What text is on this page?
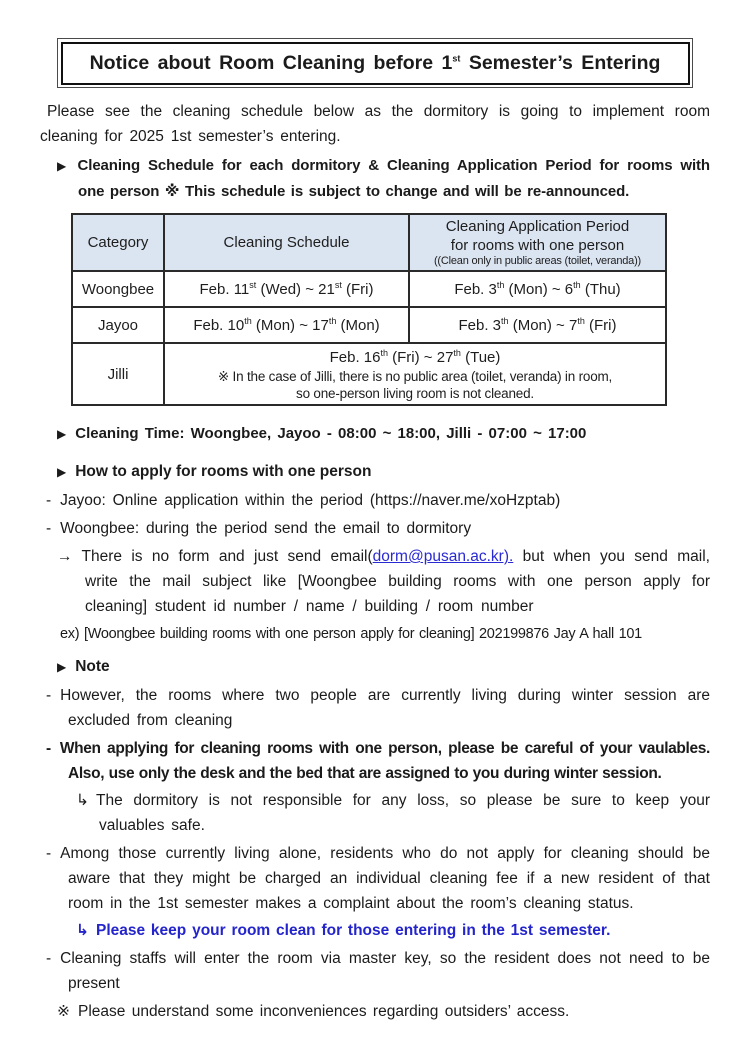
Notice about Room Cleaning before 1st Semester’s Entering
Please see the cleaning schedule below as the dormitory is going to implement room cleaning for 2025 1st semester’s entering.
▶ Cleaning Schedule for each dormitory & Cleaning Application Period for rooms with one person ※ This schedule is subject to change and will be re-announced.
Category	Cleaning Schedule	Cleaning Application Period
for rooms with one person
((Clean only in public areas (toilet, veranda))

Woongbee	Feb. 11st (Wed) ~ 21st (Fri)	Feb. 3th (Mon) ~ 6th (Thu)
Jayoo	Feb. 10th (Mon) ~ 17th (Mon)	Feb. 3th (Mon) ~ 7th (Fri)
Jilli	Feb. 16th (Fri) ~ 27th (Tue)
※ In the case of Jilli, there is no public area (toilet, veranda) in room,
so one-person living room is not cleaned.	
▶ Cleaning Time: Woongbee, Jayoo - 08:00 ~ 18:00, Jilli - 07:00 ~ 17:00
▶ How to apply for rooms with one person
- Jayoo: Online application within the period (https://naver.me/xoHzptab)
- Woongbee: during the period send the email to dormitory
→ There is no form and just send email(dorm@pusan.ac.kr). but when you send mail, write the mail subject like [Woongbee building rooms with one person apply for cleaning] student id number / name / building / room number
ex) [Woongbee building rooms with one person apply for cleaning] 202199876 Jay A hall 101
▶ Note
- However, the rooms where two people are currently living during winter session are excluded from cleaning
- When applying for cleaning rooms with one person, please be careful of your vaulables. Also, use only the desk and the bed that are assigned to you during winter session.
↳ The dormitory is not responsible for any loss, so please be sure to keep your valuables safe.
- Among those currently living alone, residents who do not apply for cleaning should be aware that they might be charged an individual cleaning fee if a new resident of that room in the 1st semester makes a complaint about the room’s cleaning status.
↳ Please keep your room clean for those entering in the 1st semester.
- Cleaning staffs will enter the room via master key, so the resident does not need to be present
※ Please understand some inconveniences regarding outsiders’ access.
